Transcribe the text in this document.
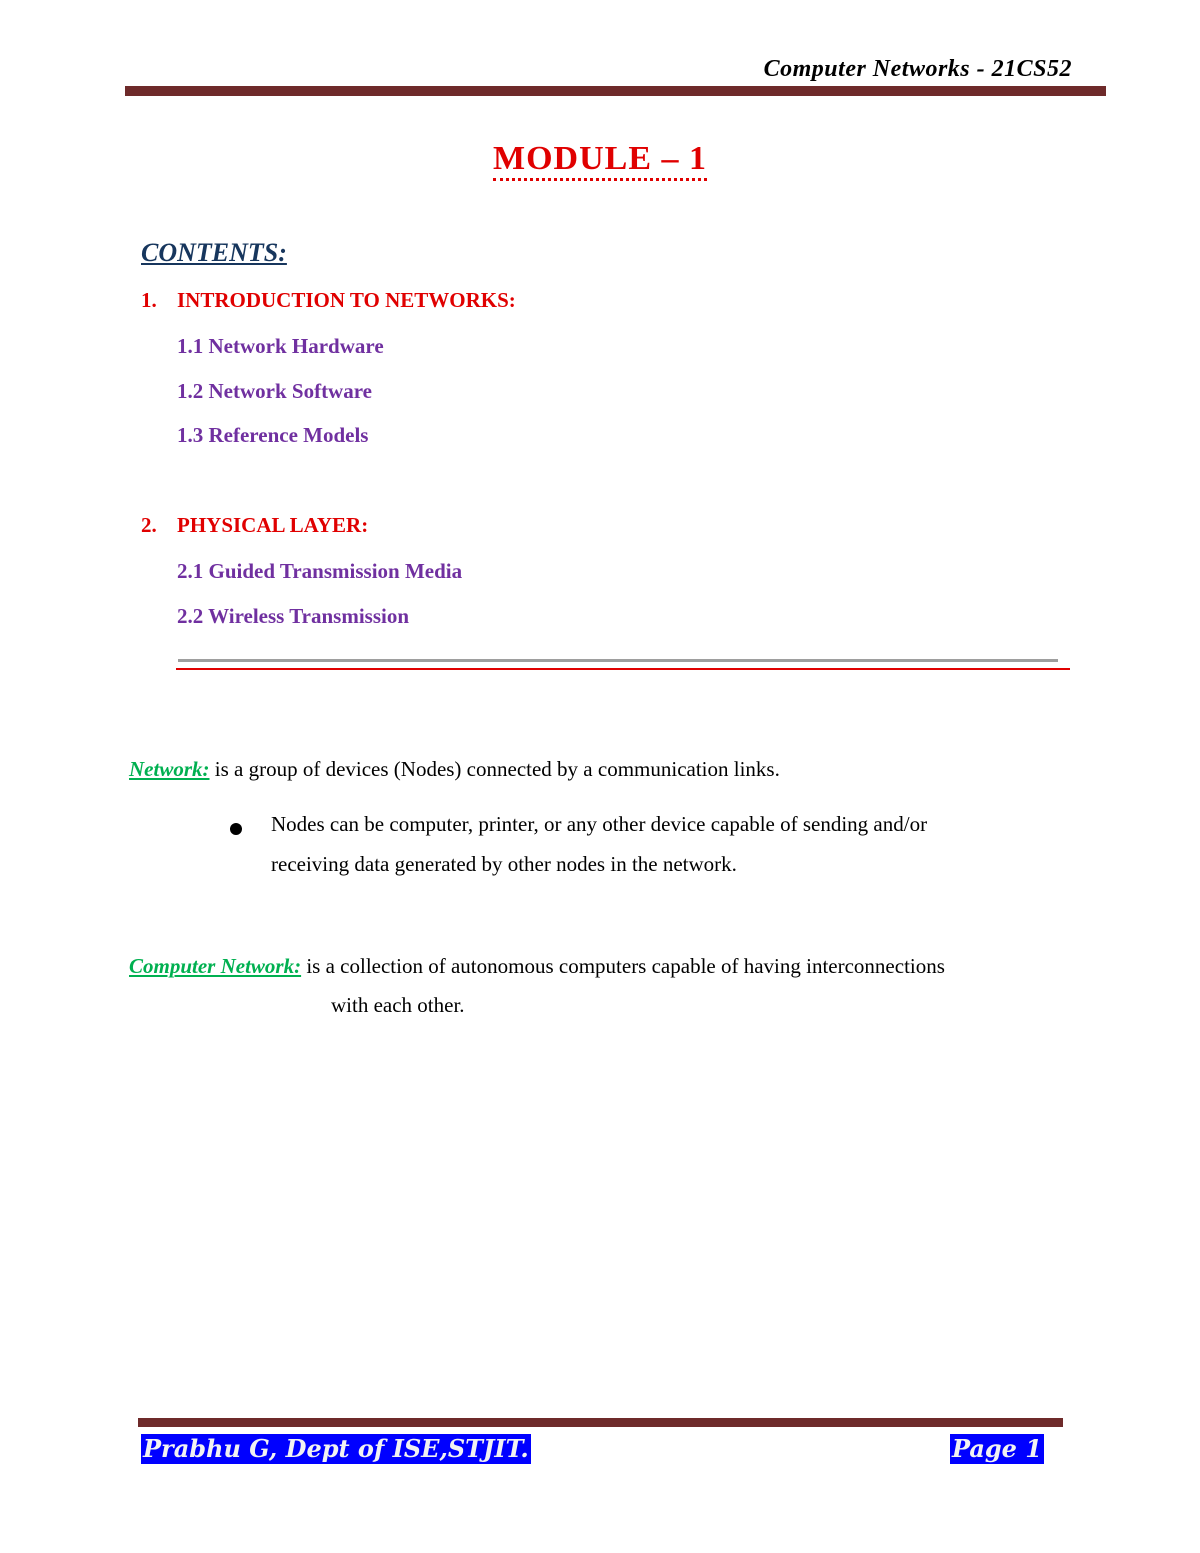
Computer Networks - 21CS52
MODULE – 1
CONTENTS:
1. INTRODUCTION TO NETWORKS:
1.1 Network Hardware
1.2 Network Software
1.3 Reference Models
2. PHYSICAL LAYER:
2.1 Guided Transmission Media
2.2 Wireless Transmission
Network: is a group of devices (Nodes) connected by a communication links.
Nodes can be computer, printer, or any other device capable of sending and/or
receiving data generated by other nodes in the network.
Computer Network: is a collection of autonomous computers capable of having interconnections
with each other.
Prabhu G, Dept of ISE,STJIT.	Page 1
